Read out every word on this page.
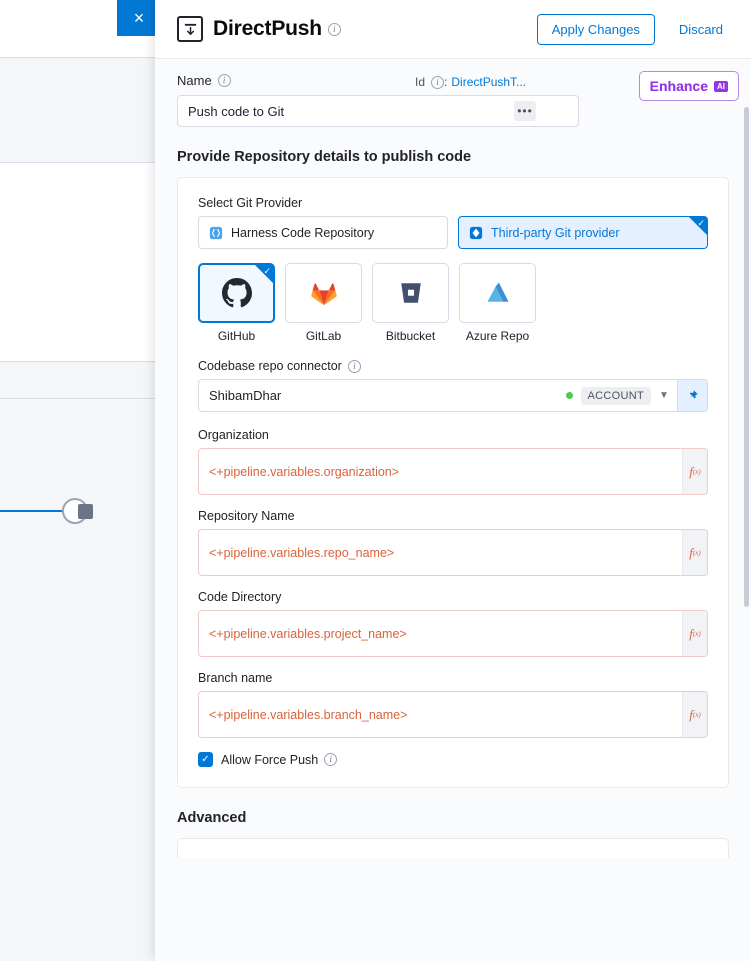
×	DirectPush	i	Apply Changes	Discard
Name	i	Id	i : DirectPushT...
Push code to Git
•••
Enhance	AI
Provide Repository details to publish code
Select Git Provider
Harness Code Repository	Third-party Git provider
✓
✓
GitHub	GitLab	Bitbucket	Azure Repo
Codebase repo connector	i
ShibamDhar	ACCOUNT	▼
Organization
<+pipeline.variables.organization>	f (x)
Repository Name
<+pipeline.variables.repo_name>	f (x)
Code Directory
<+pipeline.variables.project_name>	f (x)
Branch name
<+pipeline.variables.branch_name>	f (x)
✓ Allow Force Push	i
Advanced
